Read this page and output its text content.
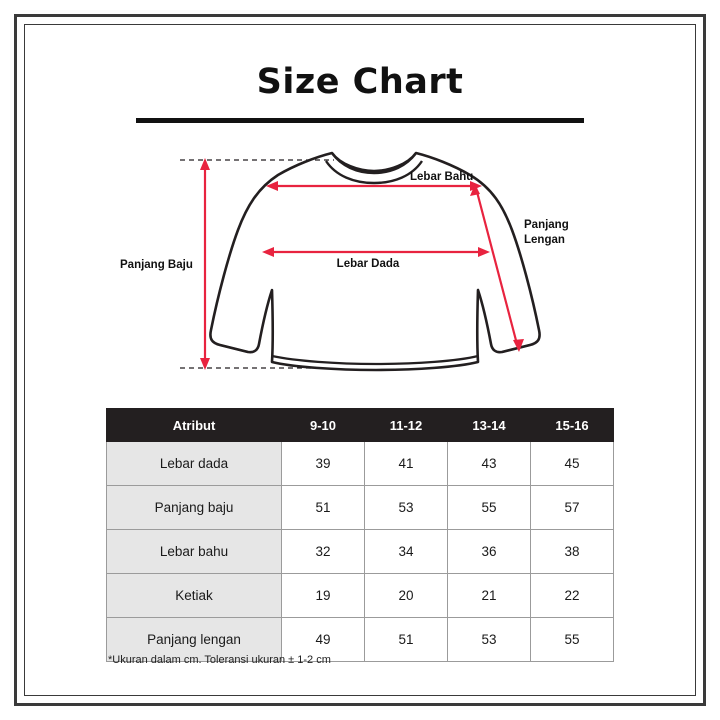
Size Chart
Panjang Baju
Lebar Bahu
Lebar Dada
Panjang
Lengan
Atribut	9-10	11-12	13-14	15-16
Lebar dada	39	41	43	45
Panjang baju	51	53	55	57
Lebar bahu	32	34	36	38
Ketiak	19	20	21	22
Panjang lengan	49	51	53	55
*Ukuran dalam cm. Toleransi ukuran ± 1-2 cm
